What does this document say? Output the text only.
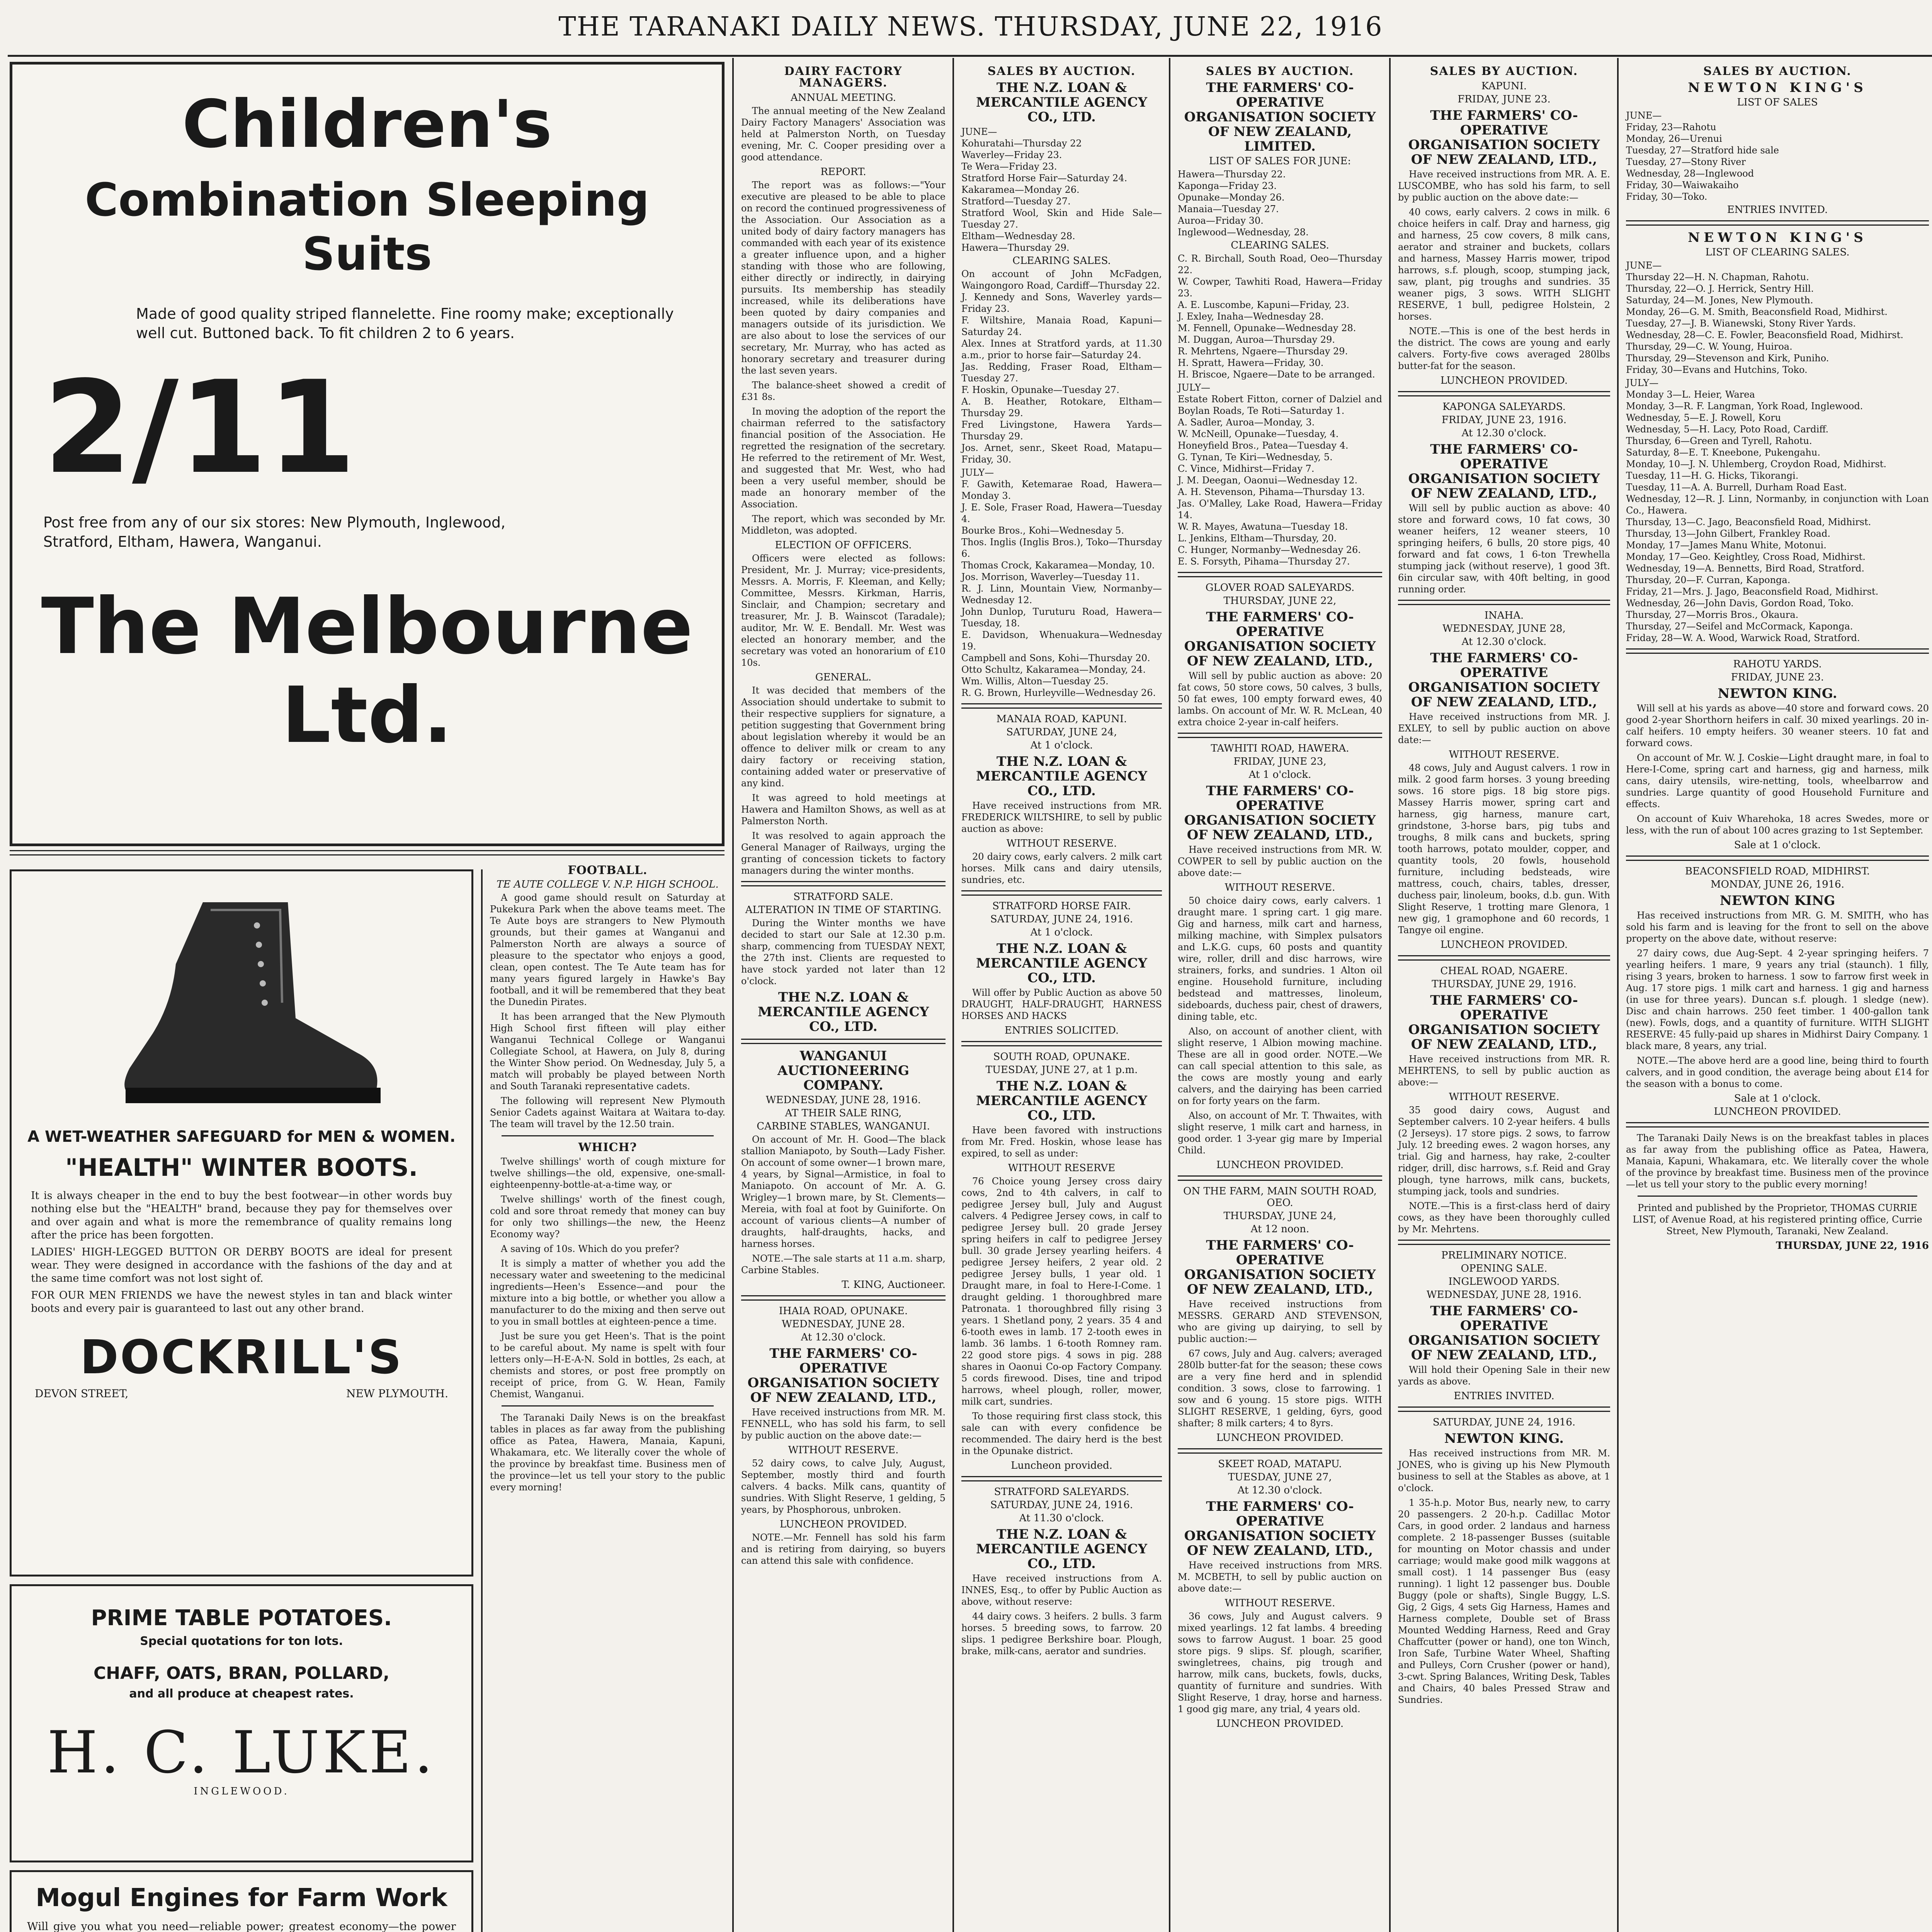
THE TARANAKI DAILY NEWS. THURSDAY, JUNE 22, 1916
Children's
Combination Sleeping Suits
Made of good quality striped flannelette. Fine roomy make; exceptionally well cut. Buttoned back. To fit children 2 to 6 years.
2/11
Post free from any of our six stores: New Plymouth, Inglewood, Stratford, Eltham, Hawera, Wanganui.
The Melbourne Ltd.
A WET-WEATHER SAFEGUARD for MEN & WOMEN.
"HEALTH" WINTER BOOTS.
It is always cheaper in the end to buy the best footwear—in other words buy nothing else but the "HEALTH" brand, because they pay for themselves over and over again and what is more the remembrance of quality remains long after the price has been forgotten.
LADIES' HIGH-LEGGED BUTTON OR DERBY BOOTS are ideal for present wear. They were designed in accordance with the fashions of the day and at the same time comfort was not lost sight of.
FOR OUR MEN FRIENDS we have the newest styles in tan and black winter boots and every pair is guaranteed to last out any other brand.
DOCKRILL'S
DEVON STREET,	NEW PLYMOUTH.
PRIME TABLE POTATOES.
Special quotations for ton lots.
CHAFF, OATS, BRAN, POLLARD,
and all produce at cheapest rates.
H. C. LUKE.
INGLEWOOD.
Mogul Engines for Farm Work
Will give you what you need—reliable power; greatest economy—the power
FOOTBALL.
TE AUTE COLLEGE V. N.P. HIGH SCHOOL.

A good game should result on Saturday at Pukekura Park when the above teams meet. The Te Aute boys are strangers to New Plymouth grounds, but their games at Wanganui and Palmerston North are always a source of pleasure to the spectator who enjoys a good, clean, open contest. The Te Aute team has for many years figured largely in Hawke's Bay football, and it will be remembered that they beat the Dunedin Pirates.

It has been arranged that the New Plymouth High School first fifteen will play either Wanganui Technical College or Wanganui Collegiate School, at Hawera, on July 8, during the Winter Show period. On Wednesday, July 5, a match will probably be played between North and South Taranaki representative cadets.

The following will represent New Plymouth Senior Cadets against Waitara at Waitara to-day. The team will travel by the 12.50 train.

WHICH?

Twelve shillings' worth of cough mixture for twelve shillings—the old, expensive, one-small-eighteenpenny-bottle-at-a-time way, or

Twelve shillings' worth of the finest cough, cold and sore throat remedy that money can buy for only two shillings—the new, the Heenz Economy way?

A saving of 10s. Which do you prefer?

It is simply a matter of whether you add the necessary water and sweetening to the medicinal ingredients—Heen's Essence—and pour the mixture into a big bottle, or whether you allow a manufacturer to do the mixing and then serve out to you in small bottles at eighteen-pence a time.

Just be sure you get Heen's. That is the point to be careful about. My name is spelt with four letters only—H-E-A-N. Sold in bottles, 2s each, at chemists and stores, or post free promptly on receipt of price, from G. W. Hean, Family Chemist, Wanganui.

The Taranaki Daily News is on the breakfast tables in places as far away from the publishing office as Patea, Hawera, Manaia, Kapuni, Whakamara, etc. We literally cover the whole of the province by breakfast time. Business men of the province—let us tell your story to the public every morning!

DAIRY FACTORY MANAGERS.
ANNUAL MEETING.

The annual meeting of the New Zealand Dairy Factory Managers' Association was held at Palmerston North, on Tuesday evening, Mr. C. Cooper presiding over a good attendance.

REPORT.

The report was as follows:—"Your executive are pleased to be able to place on record the continued progressiveness of the Association. Our Association as a united body of dairy factory managers has commanded with each year of its existence a greater influence upon, and a higher standing with those who are following, either directly or indirectly, in dairying pursuits. Its membership has steadily increased, while its deliberations have been quoted by dairy companies and managers outside of its jurisdiction. We are also about to lose the services of our secretary, Mr. Murray, who has acted as honorary secretary and treasurer during the last seven years.

The balance-sheet showed a credit of £31 8s.

In moving the adoption of the report the chairman referred to the satisfactory financial position of the Association. He regretted the resignation of the secretary. He referred to the retirement of Mr. West, and suggested that Mr. West, who had been a very useful member, should be made an honorary member of the Association.

The report, which was seconded by Mr. Middleton, was adopted.

ELECTION OF OFFICERS.

Officers were elected as follows: President, Mr. J. Murray; vice-presidents, Messrs. A. Morris, F. Kleeman, and Kelly; Committee, Messrs. Kirkman, Harris, Sinclair, and Champion; secretary and treasurer, Mr. J. B. Wainscot (Taradale); auditor, Mr. W. E. Bendall. Mr. West was elected an honorary member, and the secretary was voted an honorarium of £10 10s.

GENERAL.

It was decided that members of the Association should undertake to submit to their respective suppliers for signature, a petition suggesting that Government bring about legislation whereby it would be an offence to deliver milk or cream to any dairy factory or receiving station, containing added water or preservative of any kind.

It was agreed to hold meetings at Hawera and Hamilton Shows, as well as at Palmerston North.

It was resolved to again approach the General Manager of Railways, urging the granting of concession tickets to factory managers during the winter months.

STRATFORD SALE.
ALTERATION IN TIME OF STARTING.

During the Winter months we have decided to start our Sale at 12.30 p.m. sharp, commencing from TUESDAY NEXT, the 27th inst. Clients are requested to have stock yarded not later than 12 o'clock.

THE N.Z. LOAN & MERCANTILE AGENCY CO., LTD.
WANGANUI AUCTIONEERING COMPANY.
WEDNESDAY, JUNE 28, 1916.
AT THEIR SALE RING,
CARBINE STABLES, WANGANUI.

On account of Mr. H. Good—The black stallion Maniapoto, by South—Lady Fisher. On account of some owner—1 brown mare, 4 years, by Signal—Armistice, in foal to Maniapoto. On account of Mr. A. G. Wrigley—1 brown mare, by St. Clements—Mereia, with foal at foot by Guiniforte. On account of various clients—A number of draughts, half-draughts, hacks, and harness horses.

NOTE.—The sale starts at 11 a.m. sharp, Carbine Stables.

T. KING, Auctioneer.
IHAIA ROAD, OPUNAKE.
WEDNESDAY, JUNE 28.
At 12.30 o'clock.
THE FARMERS' CO-OPERATIVE ORGANISATION SOCIETY OF NEW ZEALAND, LTD.,

Have received instructions from MR. M. FENNELL, who has sold his farm, to sell by public auction on the above date:—

WITHOUT RESERVE.

52 dairy cows, to calve July, August, September, mostly third and fourth calvers. 4 backs. Milk cans, quantity of sundries. With Slight Reserve, 1 gelding, 5 years, by Phosphorous, unbroken.

LUNCHEON PROVIDED.

NOTE.—Mr. Fennell has sold his farm and is retiring from dairying, so buyers can attend this sale with confidence.

SALES BY AUCTION.
THE N.Z. LOAN & MERCANTILE AGENCY CO., LTD.
JUNE—
Kohuratahi—Thursday 22
Waverley—Friday 23.
Te Wera—Friday 23.
Stratford Horse Fair—Saturday 24.
Kakaramea—Monday 26.
Stratford—Tuesday 27.
Stratford Wool, Skin and Hide Sale—Tuesday 27.
Eltham—Wednesday 28.
Hawera—Thursday 29.
CLEARING SALES.
On account of John McFadgen, Waingongoro Road, Cardiff—Thursday 22.
J. Kennedy and Sons, Waverley yards—Friday 23.
F. Wiltshire, Manaia Road, Kapuni—Saturday 24.
Alex. Innes at Stratford yards, at 11.30 a.m., prior to horse fair—Saturday 24.
Jas. Redding, Fraser Road, Eltham—Tuesday 27.
F. Hoskin, Opunake—Tuesday 27.
A. B. Heather, Rotokare, Eltham—Thursday 29.
Fred Livingstone, Hawera Yards—Thursday 29.
Jos. Arnet, senr., Skeet Road, Matapu—Friday, 30.
JULY—
F. Gawith, Ketemarae Road, Hawera—Monday 3.
J. E. Sole, Fraser Road, Hawera—Tuesday 4.
Bourke Bros., Kohi—Wednesday 5.
Thos. Inglis (Inglis Bros.), Toko—Thursday 6.
Thomas Crock, Kakaramea—Monday, 10.
Jos. Morrison, Waverley—Tuesday 11.
R. J. Linn, Mountain View, Normanby—Wednesday 12.
John Dunlop, Turuturu Road, Hawera—Tuesday, 18.
E. Davidson, Whenuakura—Wednesday 19.
Campbell and Sons, Kohi—Thursday 20.
Otto Schultz, Kakaramea—Monday, 24.
Wm. Willis, Alton—Tuesday 25.
R. G. Brown, Hurleyville—Wednesday 26.
MANAIA ROAD, KAPUNI.
SATURDAY, JUNE 24,
At 1 o'clock.
THE N.Z. LOAN & MERCANTILE AGENCY CO., LTD.

Have received instructions from MR. FREDERICK WILTSHIRE, to sell by public auction as above:

WITHOUT RESERVE.

20 dairy cows, early calvers. 2 milk cart horses. Milk cans and dairy utensils, sundries, etc.

STRATFORD HORSE FAIR.
SATURDAY, JUNE 24, 1916.
At 1 o'clock.
THE N.Z. LOAN & MERCANTILE AGENCY CO., LTD.

Will offer by Public Auction as above 50 DRAUGHT, HALF-DRAUGHT, HARNESS HORSES AND HACKS

ENTRIES SOLICITED.
SOUTH ROAD, OPUNAKE.
TUESDAY, JUNE 27, at 1 p.m.
THE N.Z. LOAN & MERCANTILE AGENCY CO., LTD.

Have been favored with instructions from Mr. Fred. Hoskin, whose lease has expired, to sell as under:

WITHOUT RESERVE

76 Choice young Jersey cross dairy cows, 2nd to 4th calvers, in calf to pedigree Jersey bull, July and August calvers. 4 Pedigree Jersey cows, in calf to pedigree Jersey bull. 20 grade Jersey spring heifers in calf to pedigree Jersey bull. 30 grade Jersey yearling heifers. 4 pedigree Jersey heifers, 2 year old. 2 pedigree Jersey bulls, 1 year old. 1 Draught mare, in foal to Here-I-Come. 1 draught gelding. 1 thoroughbred mare Patronata. 1 thoroughbred filly rising 3 years. 1 Shetland pony, 2 years. 35 4 and 6-tooth ewes in lamb. 17 2-tooth ewes in lamb. 36 lambs. 1 6-tooth Romney ram. 22 good store pigs. 4 sows in pig. 288 shares in Oaonui Co-op Factory Company. 5 cords firewood. Dises, tine and tripod harrows, wheel plough, roller, mower, milk cart, sundries.

To those requiring first class stock, this sale can with every confidence be recommended. The dairy herd is the best in the Opunake district.

Luncheon provided.
STRATFORD SALEYARDS.
SATURDAY, JUNE 24, 1916.
At 11.30 o'clock.
THE N.Z. LOAN & MERCANTILE AGENCY CO., LTD.

Have received instructions from A. INNES, Esq., to offer by Public Auction as above, without reserve:

44 dairy cows. 3 heifers. 2 bulls. 3 farm horses. 5 breeding sows, to farrow. 20 slips. 1 pedigree Berkshire boar. Plough, brake, milk-cans, aerator and sundries.

SALES BY AUCTION.
THE FARMERS' CO-OPERATIVE ORGANISATION SOCIETY OF NEW ZEALAND, LIMITED.
LIST OF SALES FOR JUNE:
Hawera—Thursday 22.
Kaponga—Friday 23.
Opunake—Monday 26.
Manaia—Tuesday 27.
Auroa—Friday 30.
Inglewood—Wednesday, 28.
CLEARING SALES.
C. R. Birchall, South Road, Oeo—Thursday 22.
W. Cowper, Tawhiti Road, Hawera—Friday 23.
A. E. Luscombe, Kapuni—Friday, 23.
J. Exley, Inaha—Wednesday 28.
M. Fennell, Opunake—Wednesday 28.
M. Duggan, Auroa—Thursday 29.
R. Mehrtens, Ngaere—Thursday 29.
H. Spratt, Hawera—Friday, 30.
H. Briscoe, Ngaere—Date to be arranged.
JULY—
Estate Robert Fitton, corner of Dalziel and Boylan Roads, Te Roti—Saturday 1.
A. Sadler, Auroa—Monday, 3.
W. McNeill, Opunake—Tuesday, 4.
Honeyfield Bros., Patea—Tuesday 4.
G. Tynan, Te Kiri—Wednesday, 5.
C. Vince, Midhirst—Friday 7.
J. M. Deegan, Oaonui—Wednesday 12.
A. H. Stevenson, Pihama—Thursday 13.
Jas. O'Malley, Lake Road, Hawera—Friday 14.
W. R. Mayes, Awatuna—Tuesday 18.
L. Jenkins, Eltham—Thursday, 20.
C. Hunger, Normanby—Wednesday 26.
E. S. Forsyth, Pihama—Thursday 27.
GLOVER ROAD SALEYARDS.
THURSDAY, JUNE 22,
THE FARMERS' CO-OPERATIVE ORGANISATION SOCIETY OF NEW ZEALAND, LTD.,

Will sell by public auction as above: 20 fat cows, 50 store cows, 50 calves, 3 bulls, 50 fat ewes, 100 empty forward ewes, 40 lambs. On account of Mr. W. R. McLean, 40 extra choice 2-year in-calf heifers.

TAWHITI ROAD, HAWERA.
FRIDAY, JUNE 23,
At 1 o'clock.
THE FARMERS' CO-OPERATIVE ORGANISATION SOCIETY OF NEW ZEALAND, LTD.,

Have received instructions from MR. W. COWPER to sell by public auction on the above date:—

WITHOUT RESERVE.

50 choice dairy cows, early calvers. 1 draught mare. 1 spring cart. 1 gig mare. Gig and harness, milk cart and harness, milking machine, with Simplex pulsators and L.K.G. cups, 60 posts and quantity wire, roller, drill and disc harrows, wire strainers, forks, and sundries. 1 Alton oil engine. Household furniture, including bedstead and mattresses, linoleum, sideboards, duchess pair, chest of drawers, dining table, etc.

Also, on account of another client, with slight reserve, 1 Albion mowing machine. These are all in good order. NOTE.—We can call special attention to this sale, as the cows are mostly young and early calvers, and the dairying has been carried on for forty years on the farm.

Also, on account of Mr. T. Thwaites, with slight reserve, 1 milk cart and harness, in good order. 1 3-year gig mare by Imperial Child.

LUNCHEON PROVIDED.
ON THE FARM, MAIN SOUTH ROAD, OEO.
THURSDAY, JUNE 24,
At 12 noon.
THE FARMERS' CO-OPERATIVE ORGANISATION SOCIETY OF NEW ZEALAND, LTD.,

Have received instructions from MESSRS. GERARD AND STEVENSON, who are giving up dairying, to sell by public auction:—

67 cows, July and Aug. calvers; averaged 280lb butter-fat for the season; these cows are a very fine herd and in splendid condition. 3 sows, close to farrowing. 1 sow and 6 young. 15 store pigs. WITH SLIGHT RESERVE, 1 gelding, 6yrs, good shafter; 8 milk carters; 4 to 8yrs.

LUNCHEON PROVIDED.
SKEET ROAD, MATAPU.
TUESDAY, JUNE 27,
At 12.30 o'clock.
THE FARMERS' CO-OPERATIVE ORGANISATION SOCIETY OF NEW ZEALAND, LTD.,

Have received instructions from MRS. M. MCBETH, to sell by public auction on above date:—

WITHOUT RESERVE.

36 cows, July and August calvers. 9 mixed yearlings. 12 fat lambs. 4 breeding sows to farrow August. 1 boar. 25 good store pigs. 9 slips. Sf. plough, scarifier, swingletrees, chains, pig trough and harrow, milk cans, buckets, fowls, ducks, quantity of furniture and sundries. With Slight Reserve, 1 dray, horse and harness. 1 good gig mare, any trial, 4 years old.

LUNCHEON PROVIDED.
SALES BY AUCTION.
KAPUNI.
FRIDAY, JUNE 23.
THE FARMERS' CO-OPERATIVE ORGANISATION SOCIETY OF NEW ZEALAND, LTD.,

Have received instructions from MR. A. E. LUSCOMBE, who has sold his farm, to sell by public auction on the above date:—

40 cows, early calvers. 2 cows in milk. 6 choice heifers in calf. Dray and harness, gig and harness, 25 cow covers, 8 milk cans, aerator and strainer and buckets, collars and harness, Massey Harris mower, tripod harrows, s.f. plough, scoop, stumping jack, saw, plant, pig troughs and sundries. 35 weaner pigs, 3 sows. WITH SLIGHT RESERVE, 1 bull, pedigree Holstein, 2 horses.

NOTE.—This is one of the best herds in the district. The cows are young and early calvers. Forty-five cows averaged 280lbs butter-fat for the season.

LUNCHEON PROVIDED.
KAPONGA SALEYARDS.
FRIDAY, JUNE 23, 1916.
At 12.30 o'clock.
THE FARMERS' CO-OPERATIVE ORGANISATION SOCIETY OF NEW ZEALAND, LTD.,

Will sell by public auction as above: 40 store and forward cows, 10 fat cows, 30 weaner heifers, 12 weaner steers, 10 springing heifers, 6 bulls, 20 store pigs, 40 forward and fat cows, 1 6-ton Trewhella stumping jack (without reserve), 1 good 3ft. 6in circular saw, with 40ft belting, in good running order.

INAHA.
WEDNESDAY, JUNE 28,
At 12.30 o'clock.
THE FARMERS' CO-OPERATIVE ORGANISATION SOCIETY OF NEW ZEALAND, LTD.,

Have received instructions from MR. J. EXLEY, to sell by public auction on above date:—

WITHOUT RESERVE.

48 cows, July and August calvers. 1 row in milk. 2 good farm horses. 3 young breeding sows. 16 store pigs. 18 big store pigs. Massey Harris mower, spring cart and harness, gig harness, manure cart, grindstone, 3-horse bars, pig tubs and troughs, 8 milk cans and buckets, spring tooth harrows, potato moulder, copper, and quantity tools, 20 fowls, household furniture, including bedsteads, wire mattress, couch, chairs, tables, dresser, duchess pair, linoleum, books, d.b. gun. With Slight Reserve, 1 trotting mare Glenora, 1 new gig, 1 gramophone and 60 records, 1 Tangye oil engine.

LUNCHEON PROVIDED.
CHEAL ROAD, NGAERE.
THURSDAY, JUNE 29, 1916.
THE FARMERS' CO-OPERATIVE ORGANISATION SOCIETY OF NEW ZEALAND, LTD.,

Have received instructions from MR. R. MEHRTENS, to sell by public auction as above:—

WITHOUT RESERVE.

35 good dairy cows, August and September calvers. 10 2-year heifers. 4 bulls (2 Jerseys). 17 store pigs. 2 sows, to farrow July. 12 breeding ewes. 2 wagon horses, any trial. Gig and harness, hay rake, 2-coulter ridger, drill, disc harrows, s.f. Reid and Gray plough, tyne harrows, milk cans, buckets, stumping jack, tools and sundries.

NOTE.—This is a first-class herd of dairy cows, as they have been thoroughly culled by Mr. Mehrtens.

PRELIMINARY NOTICE.
OPENING SALE.
INGLEWOOD YARDS.
WEDNESDAY, JUNE 28, 1916.
THE FARMERS' CO-OPERATIVE ORGANISATION SOCIETY OF NEW ZEALAND, LTD.,

Will hold their Opening Sale in their new yards as above.

ENTRIES INVITED.
SATURDAY, JUNE 24, 1916.
NEWTON KING.

Has received instructions from MR. M. JONES, who is giving up his New Plymouth business to sell at the Stables as above, at 1 o'clock.

1 35-h.p. Motor Bus, nearly new, to carry 20 passengers. 2 20-h.p. Cadillac Motor Cars, in good order. 2 landaus and harness complete. 2 18-passenger Busses (suitable for mounting on Motor chassis and under carriage; would make good milk waggons at small cost). 1 14 passenger Bus (easy running). 1 light 12 passenger bus. Double Buggy (pole or shafts), Single Buggy, L.S. Gig, 2 Gigs, 4 sets Gig Harness, Hames and Harness complete, Double set of Brass Mounted Wedding Harness, Reed and Gray Chaffcutter (power or hand), one ton Winch, Iron Safe, Turbine Water Wheel, Shafting and Pulleys, Corn Crusher (power or hand), 3-cwt. Spring Balances, Writing Desk, Tables and Chairs, 40 bales Pressed Straw and Sundries.

SALES BY AUCTION.
NEWTON KING'S
LIST OF SALES
JUNE—
Friday, 23—Rahotu
Monday, 26—Urenui
Tuesday, 27—Stratford hide sale
Tuesday, 27—Stony River
Wednesday, 28—Inglewood
Friday, 30—Waiwakaiho
Friday, 30—Toko.
ENTRIES INVITED.
NEWTON KING'S
LIST OF CLEARING SALES.
JUNE—
Thursday 22—H. N. Chapman, Rahotu.
Thursday, 22—O. J. Herrick, Sentry Hill.
Saturday, 24—M. Jones, New Plymouth.
Monday, 26—G. M. Smith, Beaconsfield Road, Midhirst.
Tuesday, 27—J. B. Wianewski, Stony River Yards.
Wednesday, 28—C. E. Fowler, Beaconsfield Road, Midhirst.
Thursday, 29—C. W. Young, Huiroa.
Thursday, 29—Stevenson and Kirk, Puniho.
Friday, 30—Evans and Hutchins, Toko.
JULY—
Monday 3—L. Heier, Warea
Monday, 3—R. F. Langman, York Road, Inglewood.
Wednesday, 5—E. J. Rowell, Koru
Wednesday, 5—H. Lacy, Poto Road, Cardiff.
Thursday, 6—Green and Tyrell, Rahotu.
Saturday, 8—E. T. Kneebone, Pukengahu.
Monday, 10—J. N. Uhlemberg, Croydon Road, Midhirst.
Tuesday, 11—H. G. Hicks, Tikorangi.
Tuesday, 11—A. A. Burrell, Durham Road East.
Wednesday, 12—R. J. Linn, Normanby, in conjunction with Loan Co., Hawera.
Thursday, 13—C. Jago, Beaconsfield Road, Midhirst.
Thursday, 13—John Gilbert, Frankley Road.
Monday, 17—James Manu White, Motonui.
Monday, 17—Geo. Keightley, Cross Road, Midhirst.
Wednesday, 19—A. Bennetts, Bird Road, Stratford.
Thursday, 20—F. Curran, Kaponga.
Friday, 21—Mrs. J. Jago, Beaconsfield Road, Midhirst.
Wednesday, 26—John Davis, Gordon Road, Toko.
Thursday, 27—Morris Bros., Okaura.
Thursday, 27—Seifel and McCormack, Kaponga.
Friday, 28—W. A. Wood, Warwick Road, Stratford.
RAHOTU YARDS.
FRIDAY, JUNE 23.
NEWTON KING.

Will sell at his yards as above—40 store and forward cows. 20 good 2-year Shorthorn heifers in calf. 30 mixed yearlings. 20 in-calf heifers. 10 empty heifers. 30 weaner steers. 10 fat and forward cows.

On account of Mr. W. J. Coskie—Light draught mare, in foal to Here-I-Come, spring cart and harness, gig and harness, milk cans, dairy utensils, wire-netting, tools, wheelbarrow and sundries. Large quantity of good Household Furniture and effects.

On account of Kuiv Wharehoka, 18 acres Swedes, more or less, with the run of about 100 acres grazing to 1st September.

Sale at 1 o'clock.
BEACONSFIELD ROAD, MIDHIRST.
MONDAY, JUNE 26, 1916.
NEWTON KING

Has received instructions from MR. G. M. SMITH, who has sold his farm and is leaving for the front to sell on the above property on the above date, without reserve:

27 dairy cows, due Aug-Sept. 4 2-year springing heifers. 7 yearling heifers. 1 mare, 9 years any trial (staunch). 1 filly, rising 3 years, broken to harness. 1 sow to farrow first week in Aug. 17 store pigs. 1 milk cart and harness. 1 gig and harness (in use for three years). Duncan s.f. plough. 1 sledge (new). Disc and chain harrows. 250 feet timber. 1 400-gallon tank (new). Fowls, dogs, and a quantity of furniture. WITH SLIGHT RESERVE: 45 fully-paid up shares in Midhirst Dairy Company. 1 black mare, 8 years, any trial.

NOTE.—The above herd are a good line, being third to fourth calvers, and in good condition, the average being about £14 for the season with a bonus to come.

Sale at 1 o'clock.
LUNCHEON PROVIDED.

The Taranaki Daily News is on the breakfast tables in places as far away from the publishing office as Patea, Hawera, Manaia, Kapuni, Whakamara, etc. We literally cover the whole of the province by breakfast time. Business men of the province—let us tell your story to the public every morning!

Printed and published by the Proprietor, THOMAS CURRIE LIST, of Avenue Road, at his registered printing office, Currie Street, New Plymouth, Taranaki, New Zealand.

THURSDAY, JUNE 22, 1916
